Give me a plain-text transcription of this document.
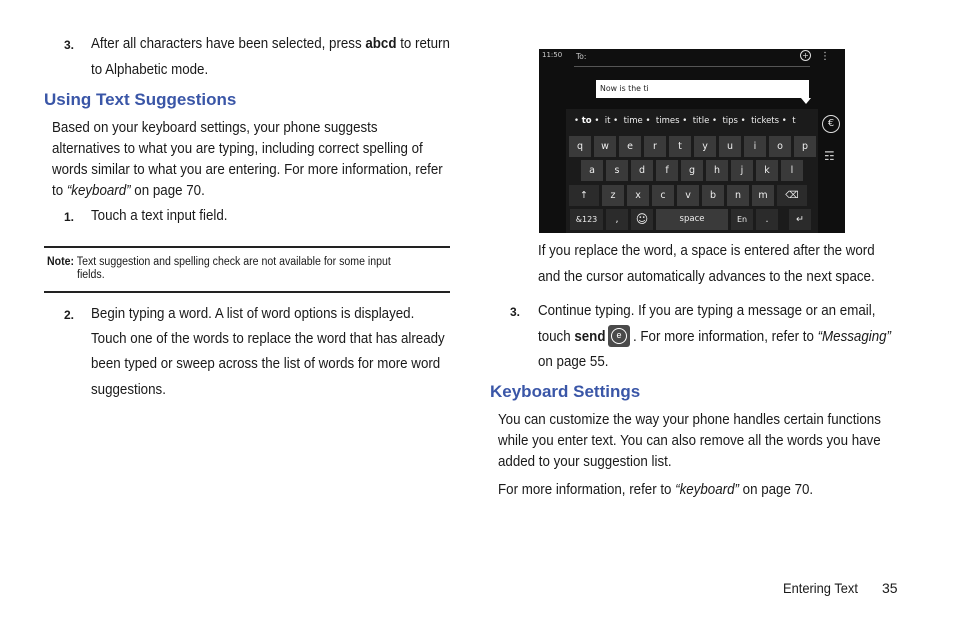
3. After all characters have been selected, press abcd to return
to Alphabetic mode.
Using Text Suggestions
Based on your keyboard settings, your phone suggests
alternatives to what you are typing, including correct spelling of
words similar to what you are entering. For more information, refer
to “keyboard” on page 70.
1. Touch a text input field.
Note: Text suggestion and spelling check are not available for some input
fields.
2. Begin typing a word. A list of word options is displayed.
Touch one of the words to replace the word that has already
been typed or sweep across the list of words for more word
suggestions.
11:50 To:	+ ⋮
Now is the ti
• to •  it •  time •  times •  title •  tips •  tickets •  t
q	w	e	r	t	y	u	i	o	p
a	s	d	f	g	h	j	k	l
↑	z	x	c	v	b	n	m	⌫
&123	,	☺	space	En	.	↵
€
☶
If you replace the word, a space is entered after the word
and the cursor automatically advances to the next space.
3. Continue typing. If you are typing a message or an email,
touch send	e . For more information, refer to “Messaging”
on page 55.
Keyboard Settings
You can customize the way your phone handles certain functions
while you enter text. You can also remove all the words you have
added to your suggestion list.
For more information, refer to “keyboard” on page 70.
Entering Text 35
